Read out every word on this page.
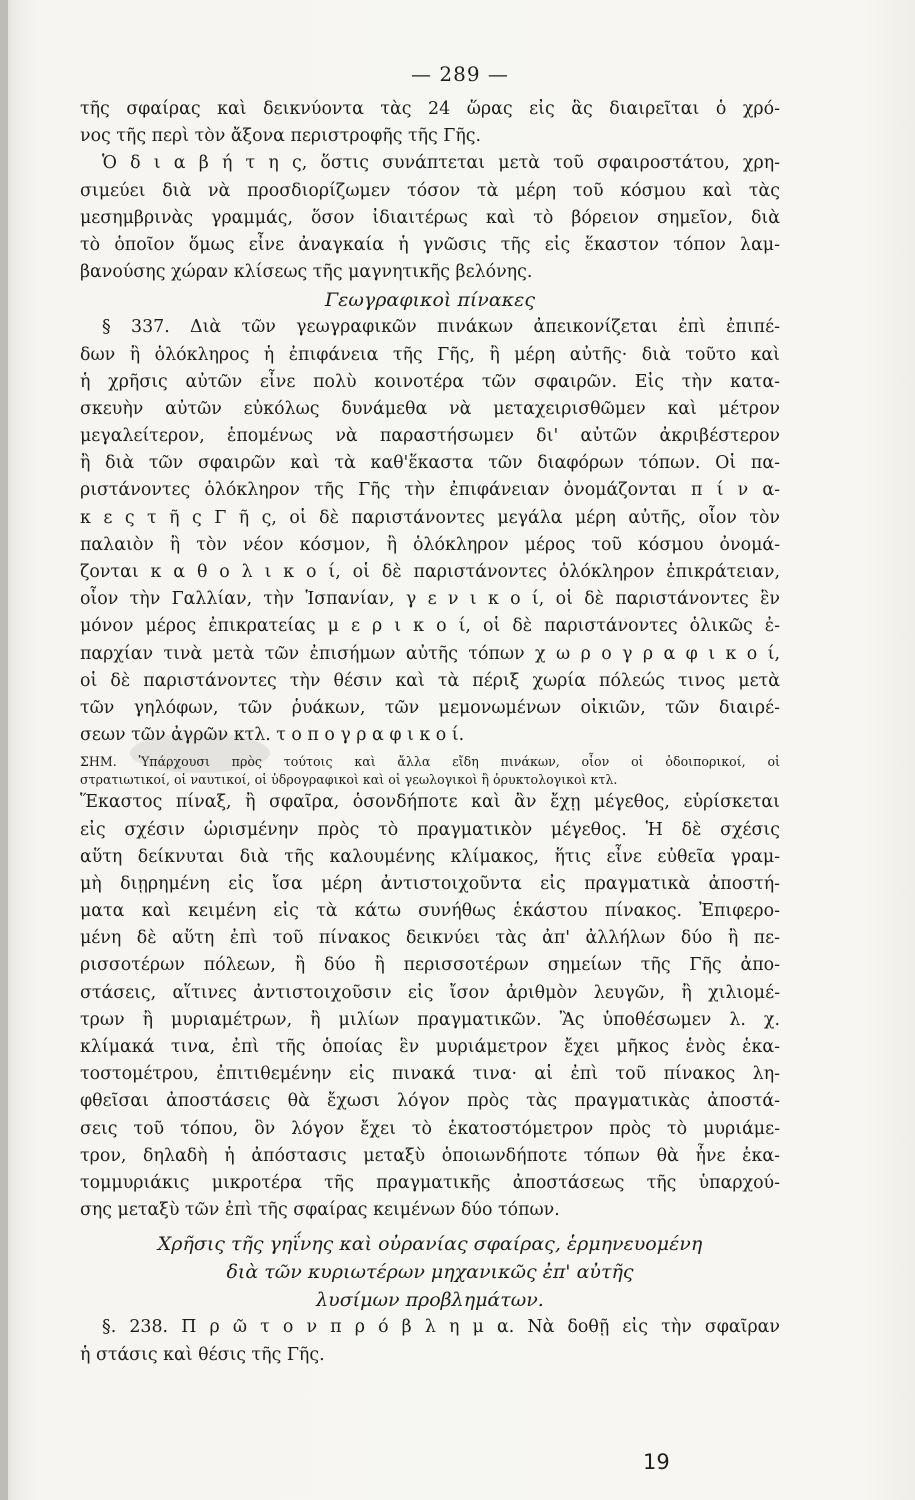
— 289 —
τῆς σφαίρας καὶ δεικνύοντα τὰς 24 ὥρας εἰς ἃς διαιρεῖται ὁ χρό-
νος τῆς περὶ τὸν ἄξονα περιστροφῆς τῆς Γῆς.
Ὁ δ ι α β ή τ η ς, ὅστις συνάπτεται μετὰ τοῦ σφαιροστάτου, χρη-
σιμεύει διὰ νὰ προσδιορίζωμεν τόσον τὰ μέρη τοῦ κόσμου καὶ τὰς
μεσημβρινὰς γραμμάς, ὅσον ἰδιαιτέρως καὶ τὸ βόρειον σημεῖον, διὰ
τὸ ὁποῖον ὅμως εἶνε ἀναγκαία ἡ γνῶσις τῆς εἰς ἕκαστον τόπον λαμ-
βανούσης χώραν κλίσεως τῆς μαγνητικῆς βελόνης.
Γεωγραφικοὶ πίνακες
§ 337. Διὰ τῶν γεωγραφικῶν πινάκων ἀπεικονίζεται ἐπὶ ἐπιπέ-
δων ἢ ὁλόκληρος ἡ ἐπιφάνεια τῆς Γῆς, ἢ μέρη αὐτῆς· διὰ τοῦτο καὶ
ἡ χρῆσις αὐτῶν εἶνε πολὺ κοινοτέρα τῶν σφαιρῶν. Εἰς τὴν κατα-
σκευὴν αὐτῶν εὐκόλως δυνάμεθα νὰ μεταχειρισθῶμεν καὶ μέτρον
μεγαλείτερον, ἑπομένως νὰ παραστήσωμεν δι' αὐτῶν ἀκριβέστερον
ἢ διὰ τῶν σφαιρῶν καὶ τὰ καθ'ἕκαστα τῶν διαφόρων τόπων. Οἱ πα-
ριστάνοντες ὁλόκληρον τῆς Γῆς τὴν ἐπιφάνειαν ὀνομάζονται π ί ν α-
κ ε ς τ ῆ ς Γ ῆ ς, οἱ δὲ παριστάνοντες μεγάλα μέρη αὐτῆς, οἷον τὸν
παλαιὸν ἢ τὸν νέον κόσμον, ἢ ὁλόκληρον μέρος τοῦ κόσμου ὀνομά-
ζονται κ α θ ο λ ι κ ο ί, οἱ δὲ παριστάνοντες ὁλόκληρον ἐπικράτειαν,
οἷον τὴν Γαλλίαν, τὴν Ἱσπανίαν, γ ε ν ι κ ο ί, οἱ δὲ παριστάνοντες ἓν
μόνον μέρος ἐπικρατείας μ ε ρ ι κ ο ί, οἱ δὲ παριστάνοντες ὁλικῶς ἐ-
παρχίαν τινὰ μετὰ τῶν ἐπισήμων αὐτῆς τόπων χ ω ρ ο γ ρ α φ ι κ ο ί,
οἱ δὲ παριστάνοντες τὴν θέσιν καὶ τὰ πέριξ χωρία πόλεώς τινος μετὰ
τῶν γηλόφων, τῶν ῥυάκων, τῶν μεμονωμένων οἰκιῶν, τῶν διαιρέ-
σεων τῶν ἀγρῶν κτλ. τ ο π ο γ ρ α φ ι κ ο ί.
ΣΗΜ. Ὑπάρχουσι πρὸς τούτοις καὶ ἄλλα εἴδη πινάκων, οἷον οἱ ὁδοιπορικοί, οἱ
στρατιωτικοί, οἱ ναυτικοί, οἱ ὑδρογραφικοὶ καὶ οἱ γεωλογικοὶ ἢ ὀρυκτολογικοὶ κτλ.
Ἕκαστος πίναξ, ἢ σφαῖρα, ὁσονδήποτε καὶ ἂν ἔχῃ μέγεθος, εὑρίσκεται
εἰς σχέσιν ὡρισμένην πρὸς τὸ πραγματικὸν μέγεθος. Ἡ δὲ σχέσις
αὕτη δείκνυται διὰ τῆς καλουμένης κλίμακος, ἥτις εἶνε εὐθεῖα γραμ-
μὴ διῃρημένη εἰς ἴσα μέρη ἀντιστοιχοῦντα εἰς πραγματικὰ ἀποστή-
ματα καὶ κειμένη εἰς τὰ κάτω συνήθως ἑκάστου πίνακος. Ἐπιφερο-
μένη δὲ αὕτη ἐπὶ τοῦ πίνακος δεικνύει τὰς ἀπ' ἀλλήλων δύο ἢ πε-
ρισσοτέρων πόλεων, ἢ δύο ἢ περισσοτέρων σημείων τῆς Γῆς ἀπο-
στάσεις, αἵτινες ἀντιστοιχοῦσιν εἰς ἴσον ἀριθμὸν λευγῶν, ἢ χιλιομέ-
τρων ἢ μυριαμέτρων, ἢ μιλίων πραγματικῶν. Ἂς ὑποθέσωμεν λ. χ.
κλίμακά τινα, ἐπὶ τῆς ὁποίας ἓν μυριάμετρον ἔχει μῆκος ἑνὸς ἑκα-
τοστομέτρου, ἐπιτιθεμένην εἰς πινακά τινα· αἱ ἐπὶ τοῦ πίνακος λη-
φθεῖσαι ἀποστάσεις θὰ ἔχωσι λόγον πρὸς τὰς πραγματικὰς ἀποστά-
σεις τοῦ τόπου, ὃν λόγον ἔχει τὸ ἑκατοστόμετρον πρὸς τὸ μυριάμε-
τρον, δηλαδὴ ἡ ἀπόστασις μεταξὺ ὁποιωνδήποτε τόπων θὰ ἦνε ἑκα-
τομμυριάκις μικροτέρα τῆς πραγματικῆς ἀποστάσεως τῆς ὑπαρχού-
σης μεταξὺ τῶν ἐπὶ τῆς σφαίρας κειμένων δύο τόπων.
Χρῆσις τῆς γηΐνης καὶ οὐρανίας σφαίρας, ἑρμηνευομένη
διὰ τῶν κυριωτέρων μηχανικῶς ἐπ' αὐτῆς
λυσίμων προβλημάτων.
§. 238. Π ρ ῶ τ ο ν π ρ ό β λ η μ α. Νὰ δοθῇ εἰς τὴν σφαῖραν
ἡ στάσις καὶ θέσις τῆς Γῆς.
19
